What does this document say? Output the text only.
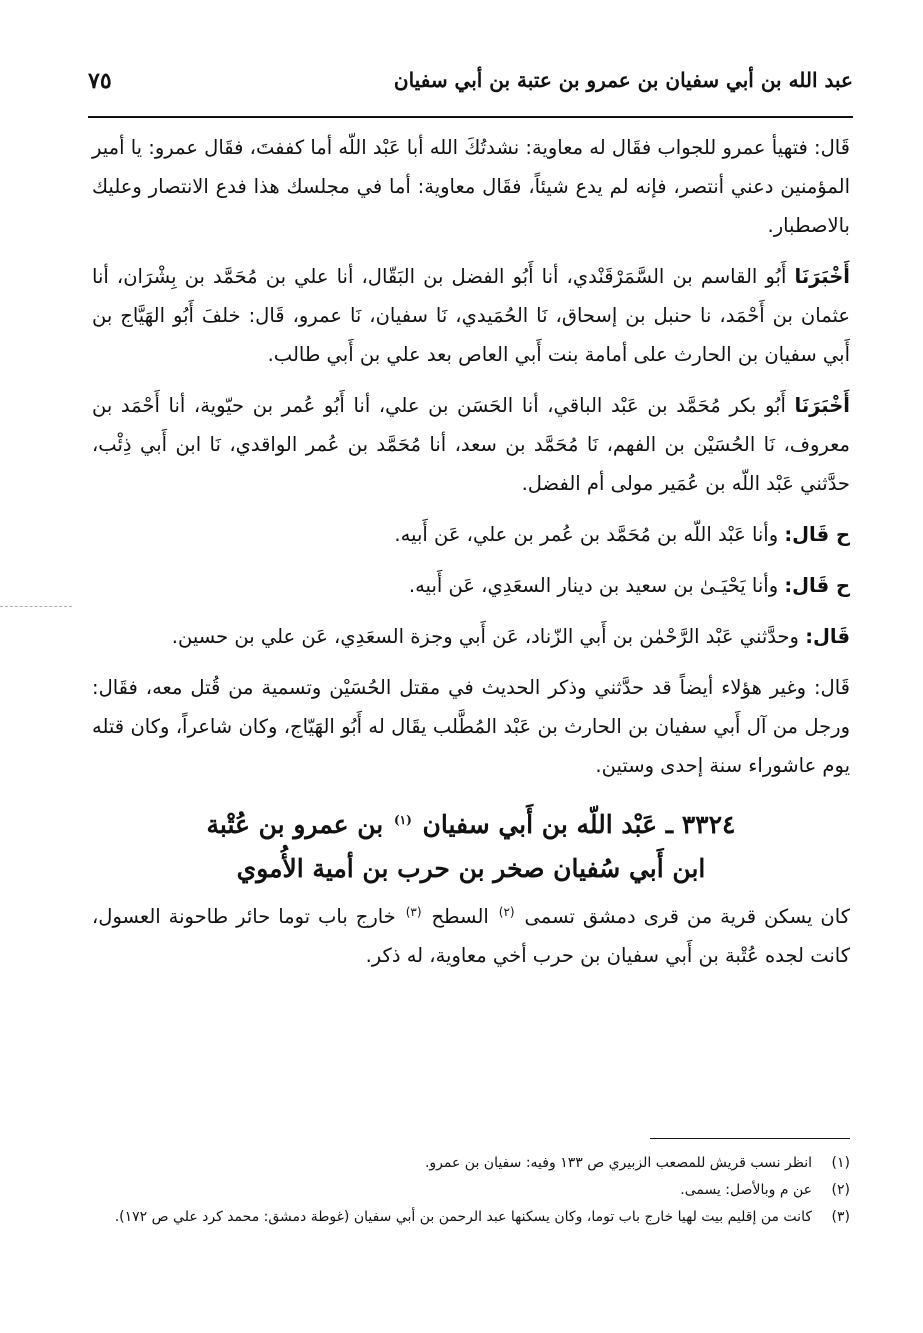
عبد الله بن أبي سفيان بن عمرو بن عتبة بن أبي سفيان
٧٥

قَال: فتهيأ عمرو للجواب فقَال له معاوية: نشدتُكَ الله أبا عَبْد اللّه أما كففتَ، فقَال عمرو: يا أمير المؤمنين دعني أنتصر، فإنه لم يدع شيئاً، فقَال معاوية: أما في مجلسك هذا فدع الانتصار وعليك بالاصطبار.

أَخْبَرَنَا أَبُو القاسم بن السَّمَرْقَنْدي، أنا أَبُو الفضل بن البَقّال، أنا علي بن مُحَمَّد بن بِشْرَان، أنا عثمان بن أَحْمَد، نا حنبل بن إسحاق، نَا الحُمَيدي، نَا سفيان، نَا عمرو، قَال: خلفَ أَبُو الهَيَّاج بن أَبي سفيان بن الحارث على أمامة بنت أَبي العاص بعد علي بن أَبي طالب.

أَخْبَرَنَا أَبُو بكر مُحَمَّد بن عَبْد الباقي، أنا الحَسَن بن علي، أنا أَبُو عُمر بن حيّوية، أنا أَحْمَد بن معروف، نَا الحُسَيْن بن الفهم، نَا مُحَمَّد بن سعد، أنا مُحَمَّد بن عُمر الواقدي، نَا ابن أَبي ذِئْب، حدَّثني عَبْد اللّه بن عُمَير مولى أم الفضل.

ح قَال: وأنا عَبْد اللّه بن مُحَمَّد بن عُمر بن علي، عَن أَبيه.

ح قَال: وأنا يَحْيَـىٰ بن سعيد بن دينار السعَدِي، عَن أَبيه.

قَال: وحدَّثني عَبْد الرَّحْمٰن بن أَبي الزّناد، عَن أَبي وجزة السعَدِي، عَن علي بن حسين.

قَال: وغير هؤلاء أيضاً قد حدَّثني وذكر الحديث في مقتل الحُسَيْن وتسمية من قُتل معه، فقَال: ورجل من آل أَبي سفيان بن الحارث بن عَبْد المُطَّلب يقَال له أَبُو الهَيّاج، وكان شاعراً، وكان قتله يوم عاشوراء سنة إحدى وستين.

٣٣٢٤ ـ عَبْد اللّه بن أَبي سفيان $^{(١)}$ بن عمرو بن عُتْبة
ابن أَبي سُفيان صخر بن حرب بن أمية الأُموي

كان يسكن قرية من قرى دمشق تسمى $^{(٢)}$ السطح $^{(٣)}$ خارج باب توما حائر طاحونة العسول، كانت لجده عُتْبة بن أَبي سفيان بن حرب أخي معاوية، له ذكر.

(١)
انظر نسب قريش للمصعب الزبيري ص ١٣٣ وفيه: سفيان بن عمرو.
(٢)
عن م وبالأصل: يسمى.
(٣)
كانت من إقليم بيت لهيا خارج باب توما، وكان يسكنها عبد الرحمن بن أبي سفيان (غوطة دمشق: محمد كرد علي ص ١٧٢).
